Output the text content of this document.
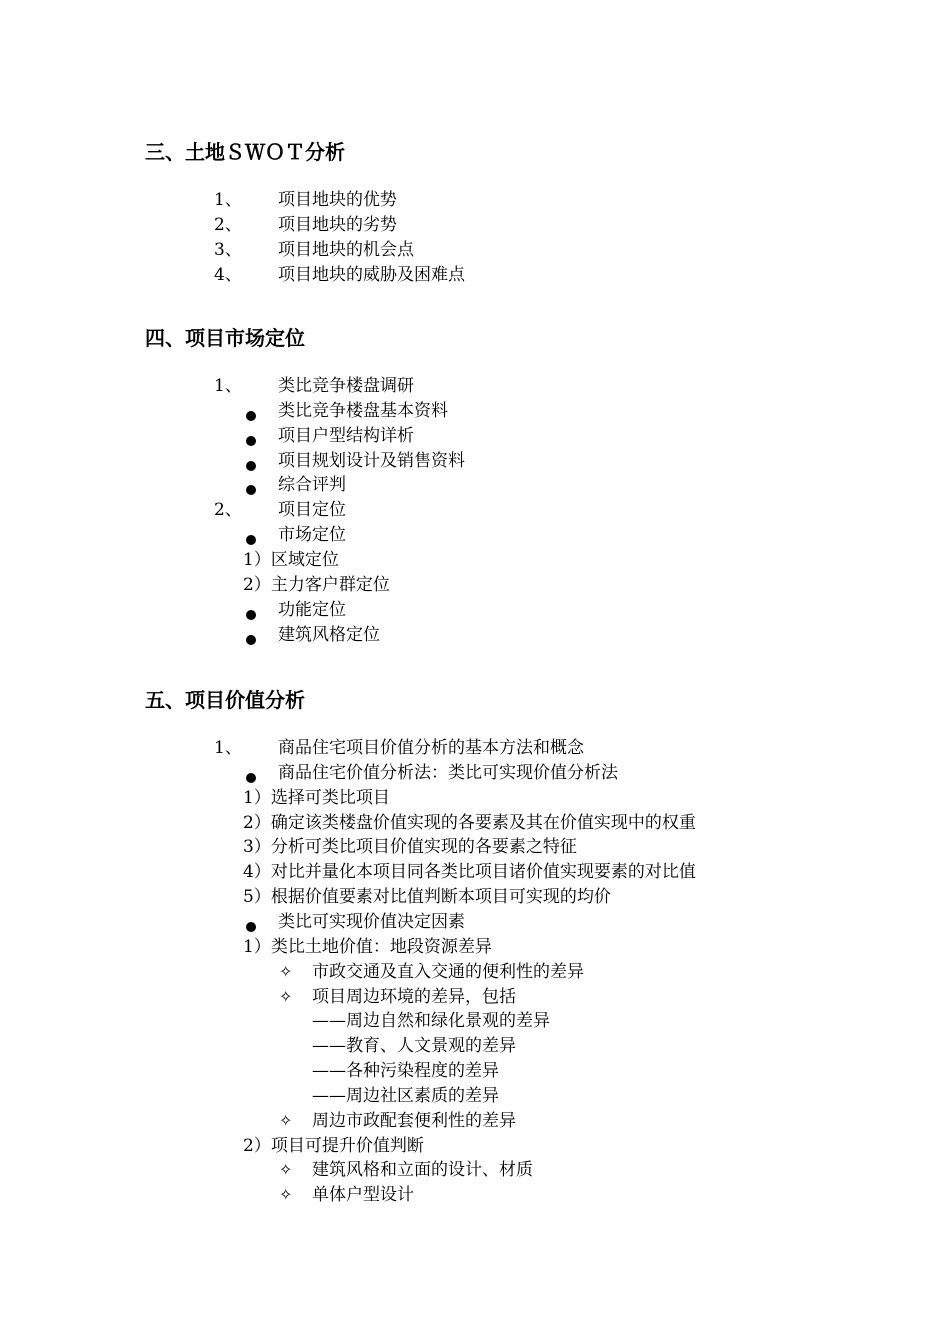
三、土地ＳＷＯＴ分析
1、 项目地块的优势
2、 项目地块的劣势
3、 项目地块的机会点
4、 项目地块的威胁及困难点
四、项目市场定位
1、 类比竞争楼盘调研
类比竞争楼盘基本资料
项目户型结构详析
项目规划设计及销售资料
综合评判
2、 项目定位
市场定位
1）区域定位
2）主力客户群定位
功能定位
建筑风格定位
五、项目价值分析
1、 商品住宅项目价值分析的基本方法和概念
商品住宅价值分析法：类比可实现价值分析法
1）选择可类比项目
2）确定该类楼盘价值实现的各要素及其在价值实现中的权重
3）分析可类比项目价值实现的各要素之特征
4）对比并量化本项目同各类比项目诸价值实现要素的对比值
5）根据价值要素对比值判断本项目可实现的均价
类比可实现价值决定因素
1）类比土地价值：地段资源差异
✧ 市政交通及直入交通的便利性的差异
✧ 项目周边环境的差异，包括
——周边自然和绿化景观的差异
——教育、人文景观的差异
——各种污染程度的差异
——周边社区素质的差异
✧ 周边市政配套便利性的差异
2）项目可提升价值判断
✧ 建筑风格和立面的设计、材质
✧ 单体户型设计
